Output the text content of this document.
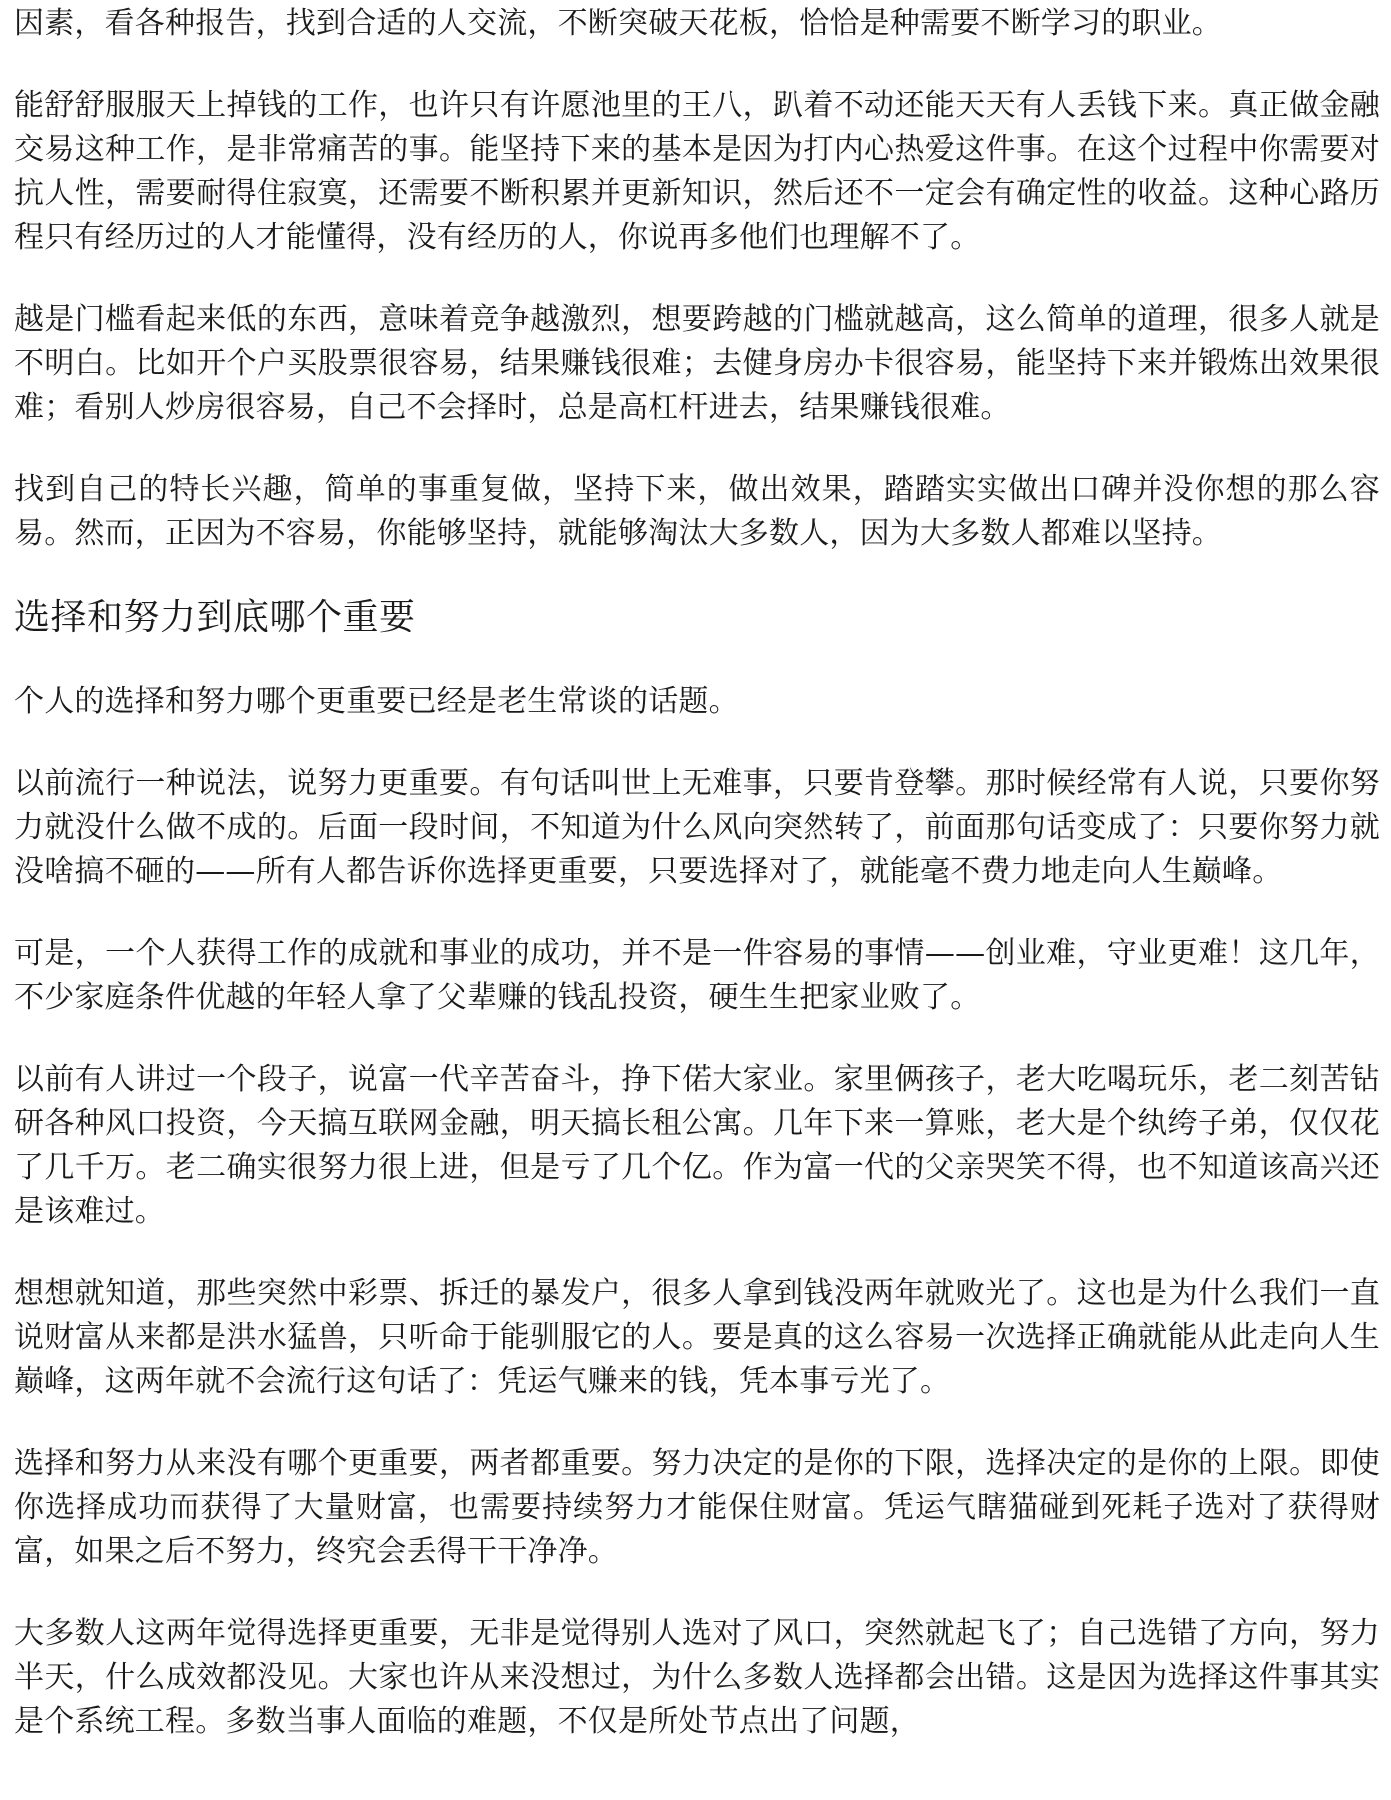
因素，看各种报告，找到合适的人交流，不断突破天花板，恰恰是种需要不断学习的职业。

能舒舒服服天上掉钱的工作，也许只有许愿池里的王八，趴着不动还能天天有人丢钱下来。真正做金融交易这种工作，是非常痛苦的事。能坚持下来的基本是因为打内心热爱这件事。在这个过程中你需要对抗人性，需要耐得住寂寞，还需要不断积累并更新知识，然后还不一定会有确定性的收益。这种心路历程只有经历过的人才能懂得，没有经历的人，你说再多他们也理解不了。

越是门槛看起来低的东西，意味着竞争越激烈，想要跨越的门槛就越高，这么简单的道理，很多人就是不明白。比如开个户买股票很容易，结果赚钱很难；去健身房办卡很容易，能坚持下来并锻炼出效果很难；看别人炒房很容易，自己不会择时，总是高杠杆进去，结果赚钱很难。

找到自己的特长兴趣，简单的事重复做，坚持下来，做出效果，踏踏实实做出口碑并没你想的那么容易。然而，正因为不容易，你能够坚持，就能够淘汰大多数人，因为大多数人都难以坚持。

选择和努力到底哪个重要

个人的选择和努力哪个更重要已经是老生常谈的话题。

以前流行一种说法，说努力更重要。有句话叫世上无难事，只要肯登攀。那时候经常有人说，只要你努力就没什么做不成的。后面一段时间，不知道为什么风向突然转了，前面那句话变成了：只要你努力就没啥搞不砸的——所有人都告诉你选择更重要，只要选择对了，就能毫不费力地走向人生巅峰。

可是，一个人获得工作的成就和事业的成功，并不是一件容易的事情——创业难，守业更难！这几年，不少家庭条件优越的年轻人拿了父辈赚的钱乱投资，硬生生把家业败了。

以前有人讲过一个段子，说富一代辛苦奋斗，挣下偌大家业。家里俩孩子，老大吃喝玩乐，老二刻苦钻研各种风口投资，今天搞互联网金融，明天搞长租公寓。几年下来一算账，老大是个纨绔子弟，仅仅花了几千万。老二确实很努力很上进，但是亏了几个亿。作为富一代的父亲哭笑不得，也不知道该高兴还是该难过。

想想就知道，那些突然中彩票、拆迁的暴发户，很多人拿到钱没两年就败光了。这也是为什么我们一直说财富从来都是洪水猛兽，只听命于能驯服它的人。要是真的这么容易一次选择正确就能从此走向人生巅峰，这两年就不会流行这句话了：凭运气赚来的钱，凭本事亏光了。

选择和努力从来没有哪个更重要，两者都重要。努力决定的是你的下限，选择决定的是你的上限。即使你选择成功而获得了大量财富，也需要持续努力才能保住财富。凭运气瞎猫碰到死耗子选对了获得财富，如果之后不努力，终究会丢得干干净净。

大多数人这两年觉得选择更重要，无非是觉得别人选对了风口，突然就起飞了；自己选错了方向，努力半天，什么成效都没见。大家也许从来没想过，为什么多数人选择都会出错。这是因为选择这件事其实是个系统工程。多数当事人面临的难题，不仅是所处节点出了问题，
